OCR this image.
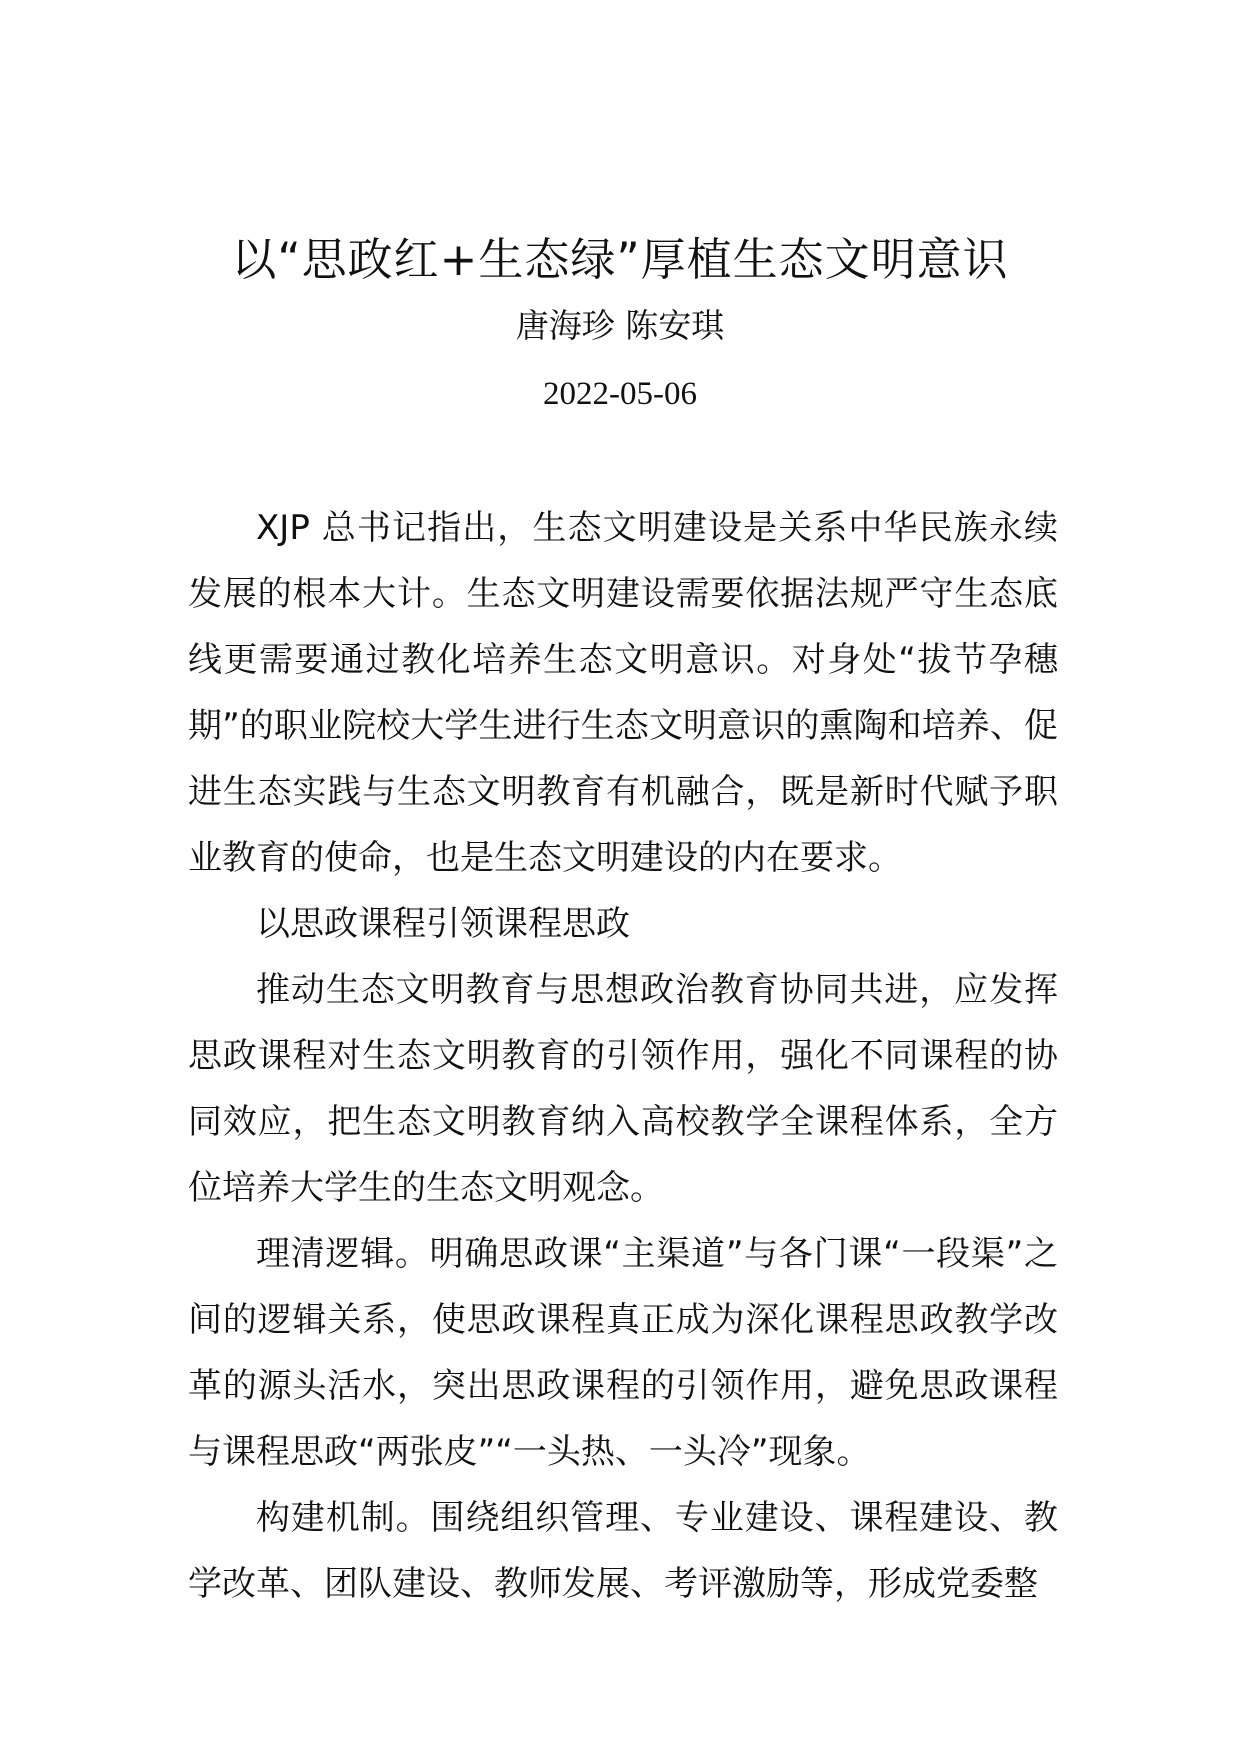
以“思政红+生态绿”厚植生态文明意识
唐海珍 陈安琪
2022-05-06

XJP 总书记指出，生态文明建设是关系中华民族永续发展的根本大计。生态文明建设需要依据法规严守生态底线更需要通过教化培养生态文明意识。对身处“拔节孕穗期”的职业院校大学生进行生态文明意识的熏陶和培养、促进生态实践与生态文明教育有机融合，既是新时代赋予职业教育的使命，也是生态文明建设的内在要求。

以思政课程引领课程思政

推动生态文明教育与思想政治教育协同共进，应发挥思政课程对生态文明教育的引领作用，强化不同课程的协同效应，把生态文明教育纳入高校教学全课程体系，全方位培养大学生的生态文明观念。

理清逻辑。明确思政课“主渠道”与各门课“一段渠”之间的逻辑关系，使思政课程真正成为深化课程思政教学改革的源头活水，突出思政课程的引领作用，避免思政课程与课程思政“两张皮”“一头热、一头冷”现象。

构建机制。围绕组织管理、专业建设、课程建设、教学改革、团队建设、教师发展、考评激励等，形成党委整
